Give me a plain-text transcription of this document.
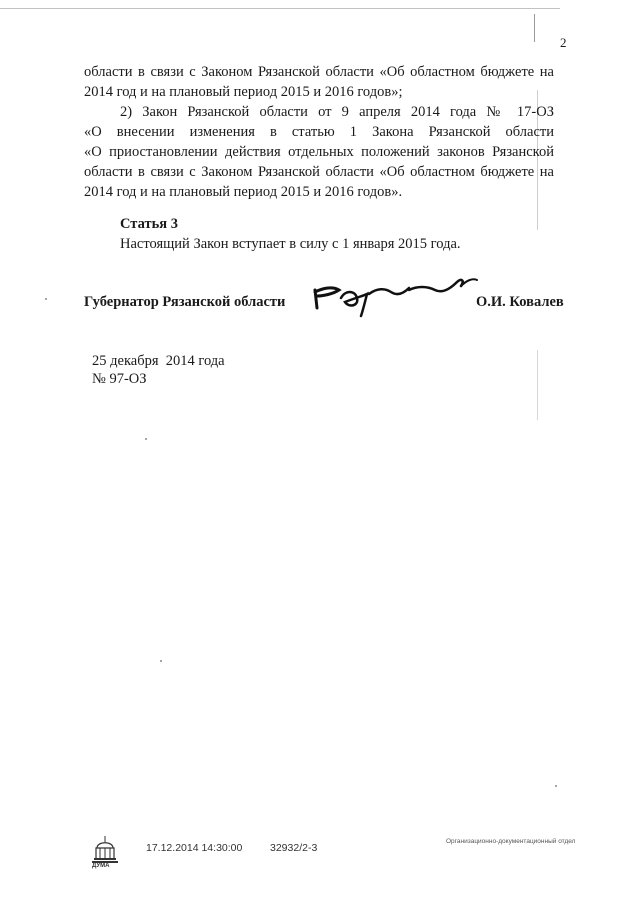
2
области в связи с Законом Рязанской области «Об областном бюджете на
2014 год и на плановый период 2015 и 2016 годов»;
2) Закон Рязанской области от 9 апреля 2014 года № 17-ОЗ
«О внесении изменения в статью 1 Закона Рязанской области
«О приостановлении действия отдельных положений законов Рязанской
области в связи с Законом Рязанской области «Об областном бюджете на
2014 год и на плановый период 2015 и 2016 годов».
Статья 3
Настоящий Закон вступает в силу с 1 января 2015 года.
Губернатор Рязанской области	О.И. Ковалев
25 декабря  2014 года
№ 97-ОЗ
ДУМА
17.12.2014 14:30:00	32932/2-3
Организационно-документационный отдел
